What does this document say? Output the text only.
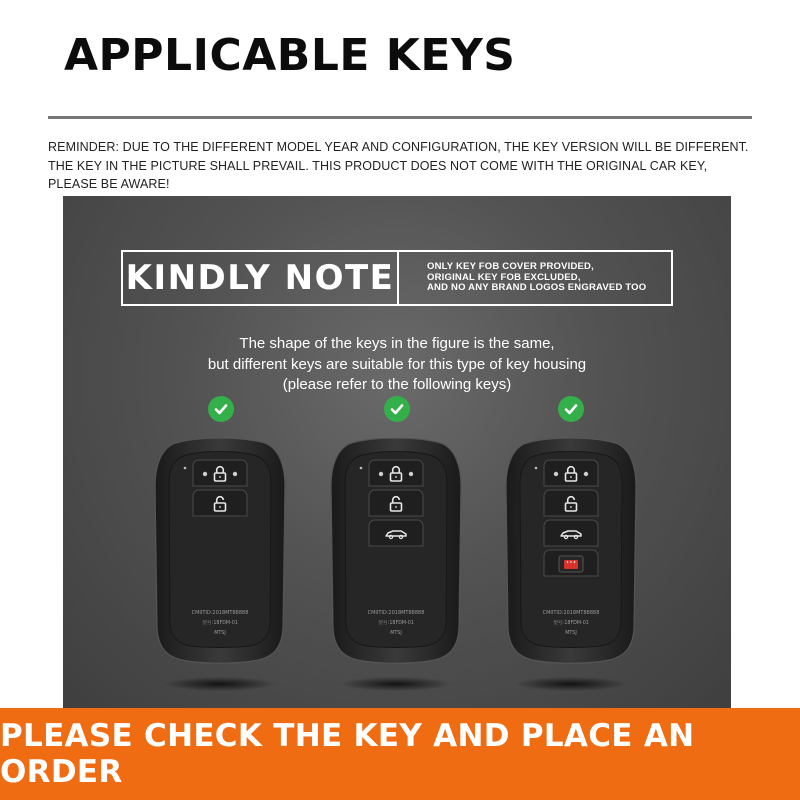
APPLICABLE KEYS
REMINDER: DUE TO THE DIFFERENT MODEL YEAR AND CONFIGURATION, THE KEY VERSION WILL BE DIFFERENT.
THE KEY IN THE PICTURE SHALL PREVAIL. THIS PRODUCT DOES NOT COME WITH THE ORIGINAL CAR KEY,
PLEASE BE AWARE!
KINDLY NOTE	ONLY KEY FOB COVER PROVIDED,
ORIGINAL KEY FOB EXCLUDED,
AND NO ANY BRAND LOGOS ENGRAVED TOO
The shape of the keys in the figure is the same,
but different keys are suitable for this type of key housing
(please refer to the following keys)
CMIITID:2018MT88888
型号:18FDM-01
MTSJ
CMIITID:2018MT88888
型号:18FDM-01
MTSJ
CMIITID:2018MT88888
型号:18FDM-01
MTSJ
PLEASE CHECK THE KEY AND PLACE AN ORDER
